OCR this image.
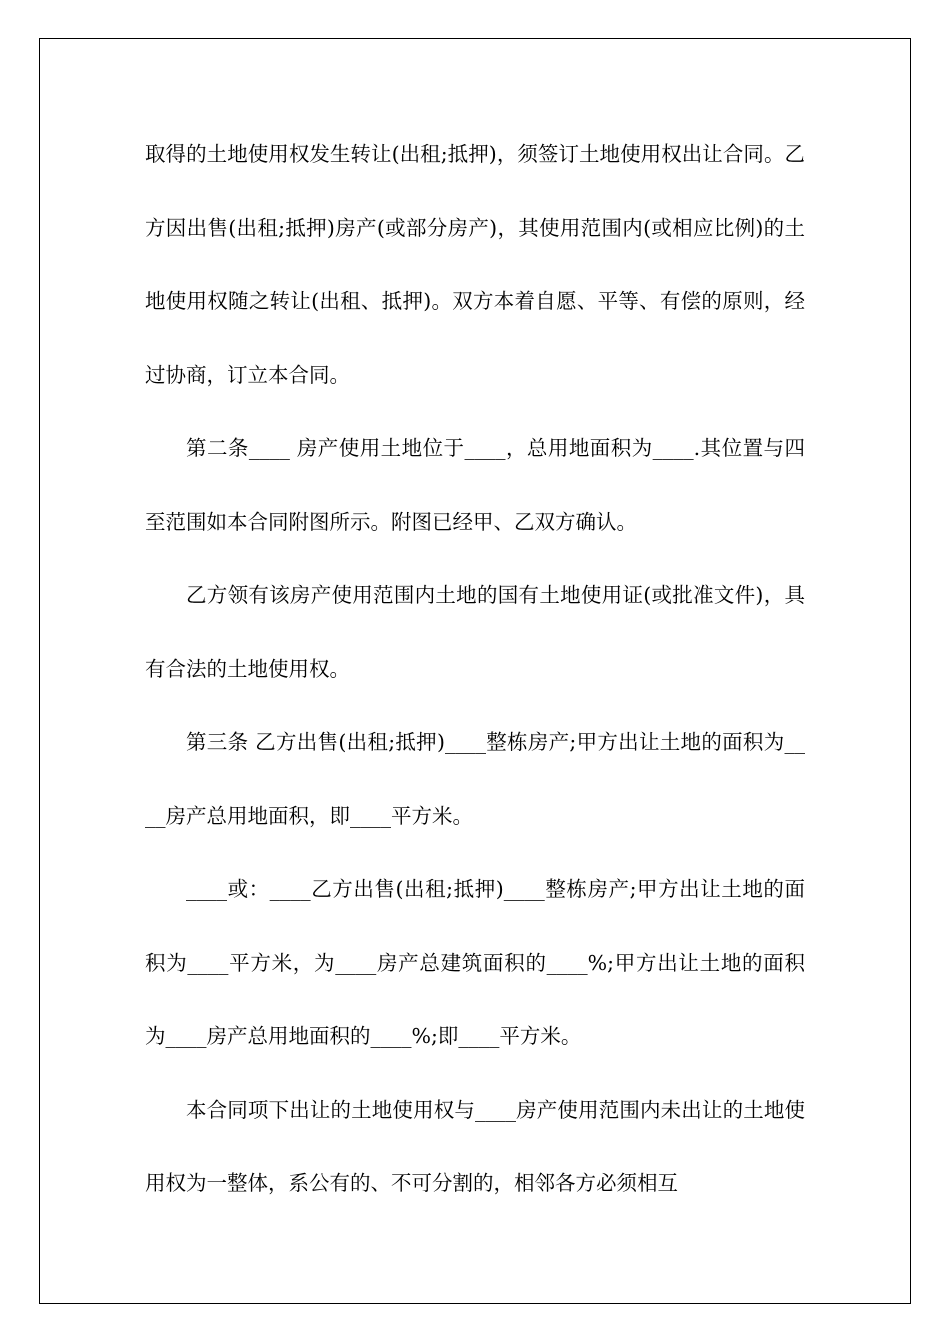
取得的土地使用权发生转让(出租;抵押)，须签订土地使用权出让合同。乙方因出售(出租;抵押)房产(或部分房产)，其使用范围内(或相应比例)的土地使用权随之转让(出租、抵押)。双方本着自愿、平等、有偿的原则，经过协商，订立本合同。

第二条____ 房产使用土地位于____，总用地面积为____.其位置与四至范围如本合同附图所示。附图已经甲、乙双方确认。

乙方领有该房产使用范围内土地的国有土地使用证(或批准文件)，具有合法的土地使用权。

第三条 乙方出售(出租;抵押)____整栋房产;甲方出让土地的面积为____房产总用地面积，即____平方米。

____或：____乙方出售(出租;抵押)____整栋房产;甲方出让土地的面积为____平方米，为____房产总建筑面积的____%;甲方出让土地的面积为____房产总用地面积的____%;即____平方米。

本合同项下出让的土地使用权与____房产使用范围内未出让的土地使用权为一整体，系公有的、不可分割的，相邻各方必须相互
